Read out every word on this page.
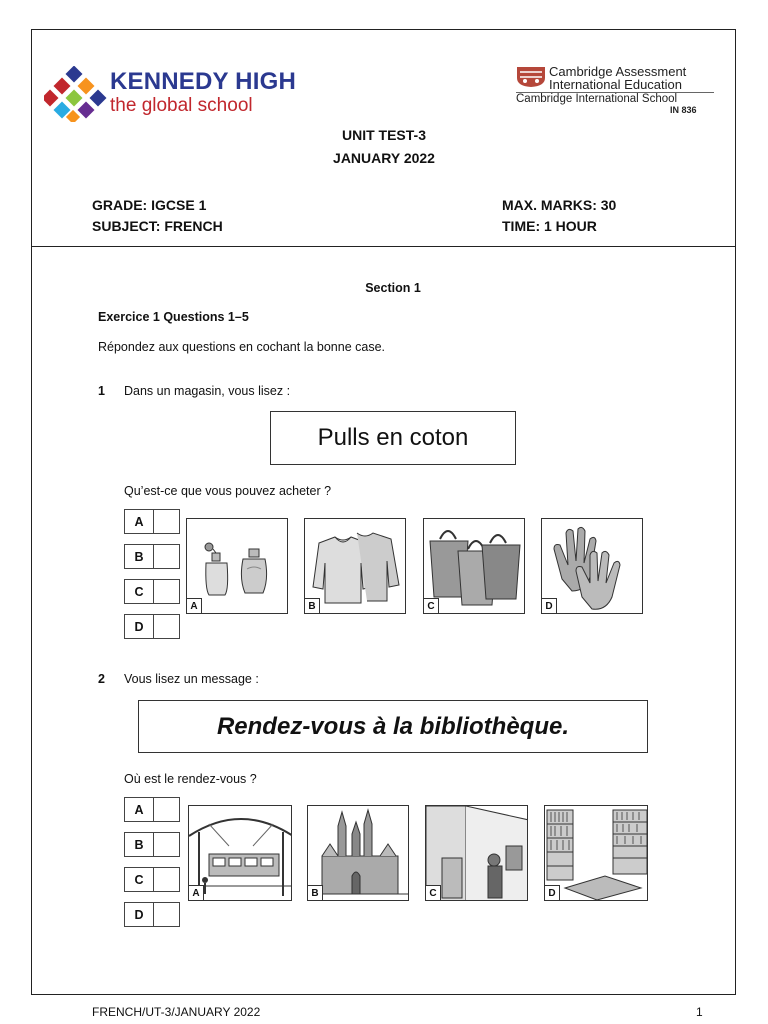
KENNEDY HIGH
the global school
Cambridge Assessment
International Education
Cambridge International School
IN 836
UNIT TEST-3
JANUARY 2022
GRADE: IGCSE 1
SUBJECT: FRENCH
MAX. MARKS: 30
TIME: 1 HOUR
Section 1
Exercice 1 Questions 1–5
Répondez aux questions en cochant la bonne case.
1 Dans un magasin, vous lisez :
Pulls en coton
Qu’est-ce que vous pouvez acheter ?
A
B
C
D
A	B	C	D
2 Vous lisez un message :
Rendez-vous à la bibliothèque.
Où est le rendez-vous ?
A
B
C
D
A	B	C	D
FRENCH/UT-3/JANUARY 2022	1
